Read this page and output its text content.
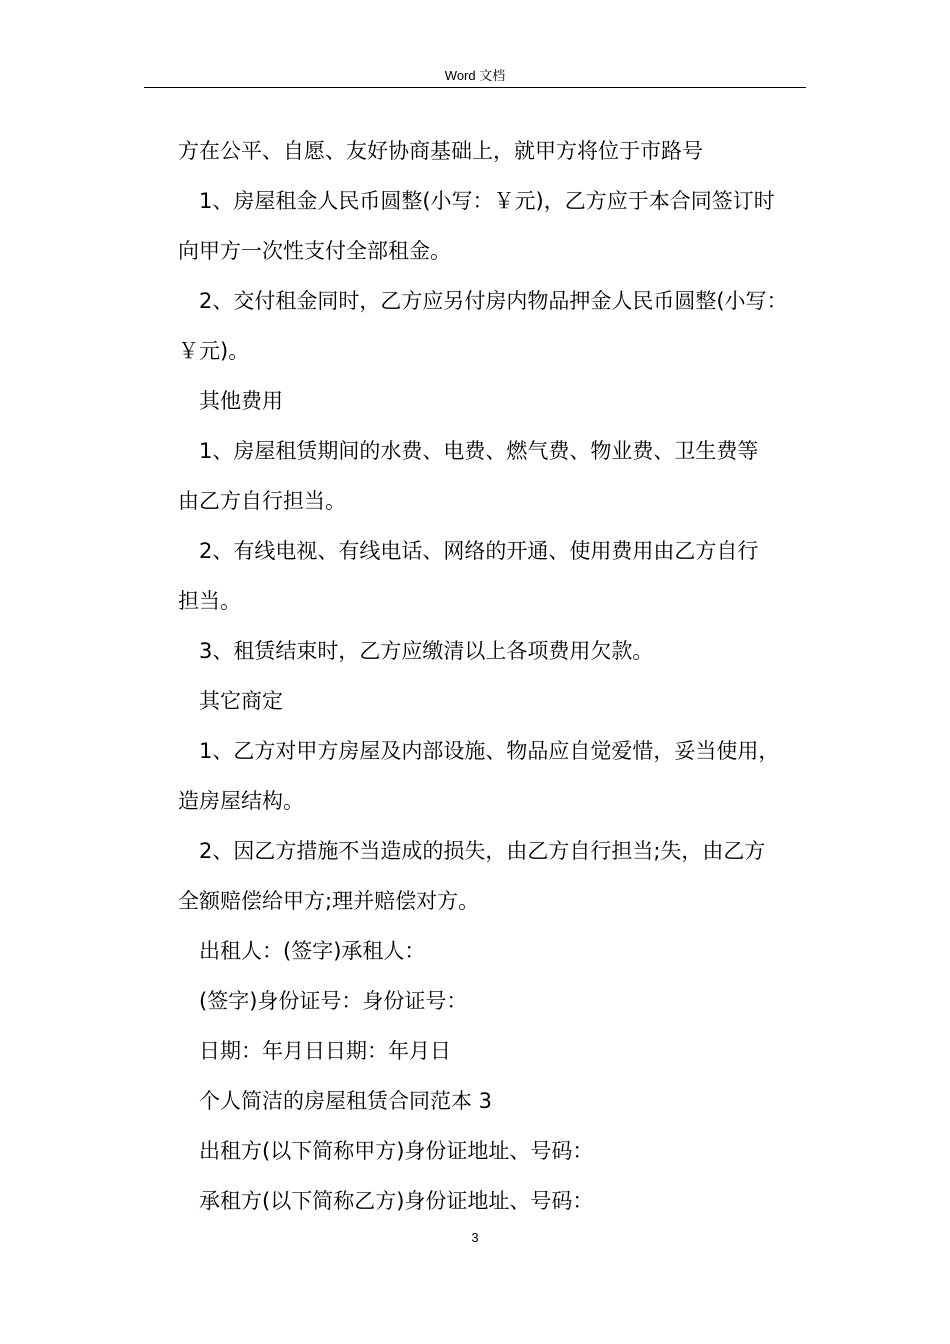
Word 文档
方在公平、自愿、友好协商基础上，就甲方将位于市路号
1、房屋租金人民币圆整(小写：￥元)，乙方应于本合同签订时
向甲方一次性支付全部租金。
2、交付租金同时，乙方应另付房内物品押金人民币圆整(小写：
￥元)。
其他费用
1、房屋租赁期间的水费、电费、燃气费、物业费、卫生费等
由乙方自行担当。
2、有线电视、有线电话、网络的开通、使用费用由乙方自行
担当。
3、租赁结束时，乙方应缴清以上各项费用欠款。
其它商定
1、乙方对甲方房屋及内部设施、物品应自觉爱惜，妥当使用，
造房屋结构。
2、因乙方措施不当造成的损失，由乙方自行担当;失，由乙方
全额赔偿给甲方;理并赔偿对方。
出租人：(签字)承租人：
(签字)身份证号：身份证号：
日期：年月日日期：年月日
个人简洁的房屋租赁合同范本 3
出租方(以下简称甲方)身份证地址、号码：
承租方(以下简称乙方)身份证地址、号码：
3
